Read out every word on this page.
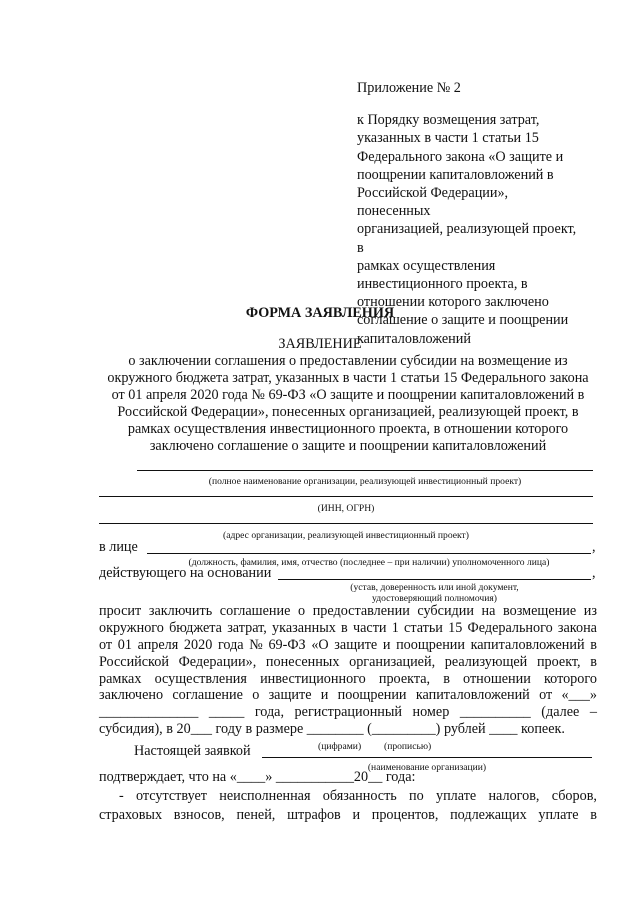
Приложение № 2
к Порядку возмещения затрат,
указанных в части 1 статьи 15
Федерального закона «О защите и
поощрении капиталовложений в
Российской Федерации», понесенных
организацией, реализующей проект, в
рамках осуществления
инвестиционного проекта, в
отношении которого заключено
соглашение о защите и поощрении
капиталовложений
ФОРМА ЗАЯВЛЕНИЯ
ЗАЯВЛЕНИЕ
о заключении соглашения о предоставлении субсидии на возмещение из
окружного бюджета затрат, указанных в части 1 статьи 15 Федерального закона
от 01 апреля 2020 года № 69-ФЗ «О защите и поощрении капиталовложений в
Российской Федерации», понесенных организацией, реализующей проект, в
рамках осуществления инвестиционного проекта, в отношении которого
заключено соглашение о защите и поощрении капиталовложений
(полное наименование организации, реализующей инвестиционный проект)
(ИНН, ОГРН)
(адрес организации, реализующей инвестиционный проект)
в лице	,
(должность, фамилия, имя, отчество (последнее – при наличии) уполномоченного лица)
действующего на основании	,
(устав, доверенность или иной документ,
удостоверяющий полномочия)
просит заключить соглашение о предоставлении субсидии на возмещение из
окружного бюджета затрат, указанных в части 1 статьи 15 Федерального закона
от 01 апреля 2020 года № 69-ФЗ «О защите и поощрении капиталовложений в
Российской Федерации», понесенных организацией, реализующей проект, в
рамках осуществления инвестиционного проекта, в отношении которого
заключено соглашение о защите и поощрении капиталовложений от «___»
______________ _____ года, регистрационный номер __________ (далее –
субсидия), в 20___ году в размере ________ (_________) рублей ____ копеек.
(цифрами) (прописью)
Настоящей заявкой
(наименование организации)
подтверждает, что на «____» ___________20__ года:
- отсутствует неисполненная обязанность по уплате налогов, сборов,
страховых взносов, пеней, штрафов и процентов, подлежащих уплате в
